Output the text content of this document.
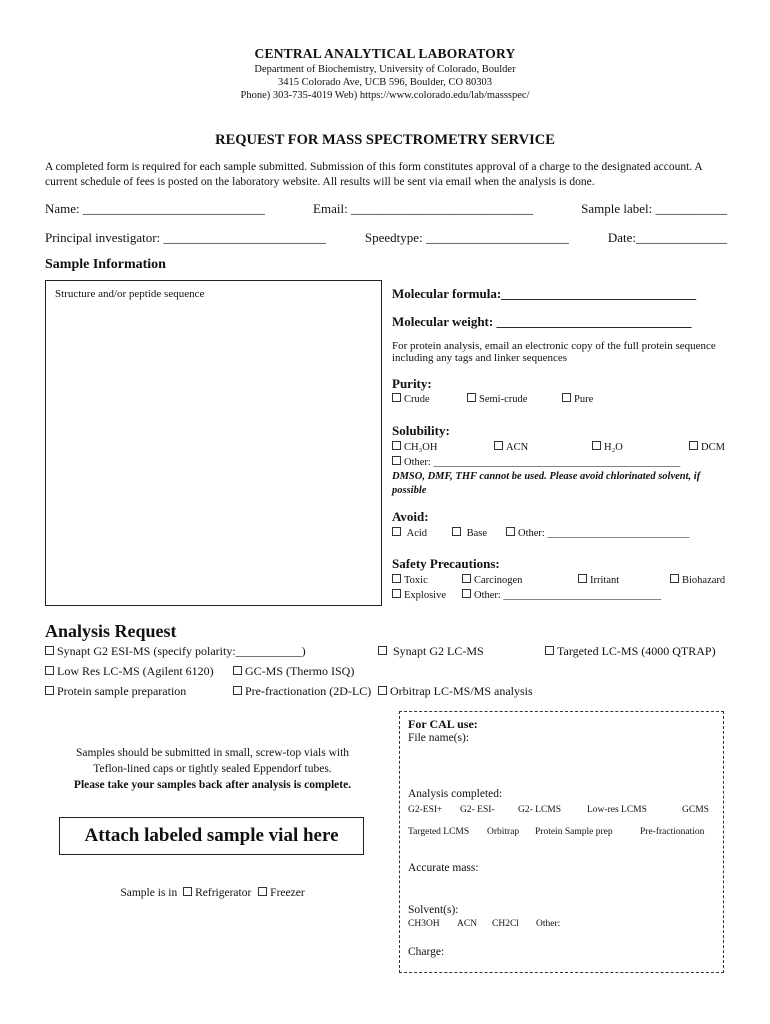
CENTRAL ANALYTICAL LABORATORY
Department of Biochemistry, University of Colorado, Boulder
3415 Colorado Ave, UCB 596, Boulder, CO 80303
Phone) 303-735-4019 Web) https://www.colorado.edu/lab/massspec/
REQUEST FOR MASS SPECTROMETRY SERVICE
A completed form is required for each sample submitted. Submission of this form constitutes approval of a charge to the designated account. A current schedule of fees is posted on the laboratory website. All results will be sent via email when the analysis is done.
Name: ____________________________	Email: ____________________________	Sample label: ___________
Principal investigator: _________________________	Speedtype: ______________________	Date:______________
Sample Information
Structure and/or peptide sequence	Molecular formula:______________________________
Molecular weight: ______________________________
For protein analysis, email an electronic copy of the full protein sequence including any tags and linker sequences
Purity:
Crude	Semi-crude	Pure
Solubility:
CH₃OH	ACN	H₂O	DCM
Other: _______________________________________________
DMSO, DMF, THF cannot be used. Please avoid chlorinated solvent, if possible
Avoid:
Acid	Base	Other: ___________________________
Safety Precautions:
Toxic	Carcinogen	Irritant	Biohazard
Explosive	Other: ______________________________
Analysis Request
Synapt G2 ESI-MS (specify polarity:___________)	Synapt G2 LC-MS	Targeted LC-MS (4000 QTRAP)
Low Res LC-MS (Agilent 6120)	GC-MS (Thermo ISQ)
Protein sample preparation	Pre-fractionation (2D-LC)	Orbitrap LC-MS/MS analysis
Samples should be submitted in small, screw-top vials with
Teflon-lined caps or tightly sealed Eppendorf tubes.
Please take your samples back after analysis is complete.
Attach labeled sample vial here
Sample is in Refrigerator Freezer
For CAL use:
File name(s):
Analysis completed:
G2-ESI+ G2- ESI- G2- LCMS	Low-res LCMS	GCMS
Targeted LCMS Orbitrap Protein Sample prep	Pre-fractionation
Accurate mass:
Solvent(s):
CH3OH ACN CH2Cl Other:
Charge:
